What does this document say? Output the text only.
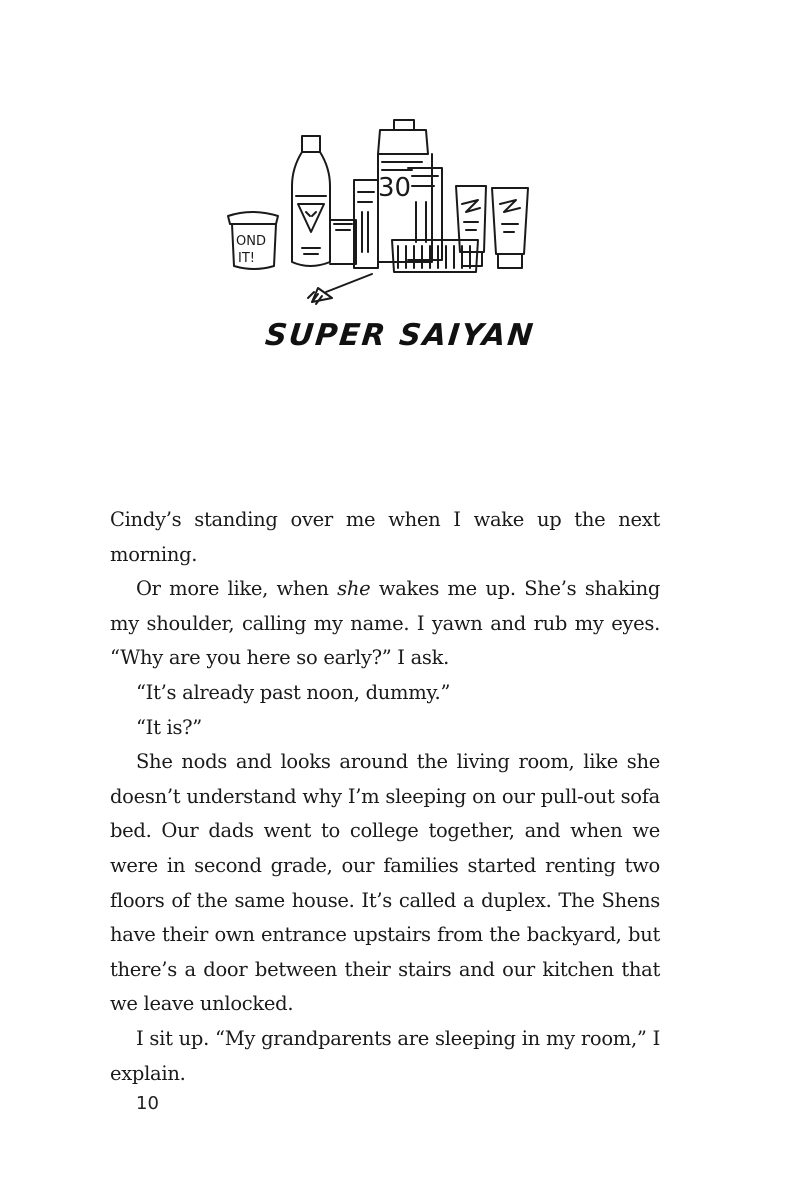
OND
IT!
30
SUPER SAIYAN

Cindy’s standing over me when I wake up the next morning.

Or more like, when she wakes me up. She’s shaking my shoulder, calling my name. I yawn and rub my eyes. “Why are you here so early?” I ask.

“It’s already past noon, dummy.”

“It is?”

She nods and looks around the living room, like she doesn’t understand why I’m sleeping on our pull-out sofa bed. Our dads went to college together, and when we were in second grade, our families started renting two floors of the same house. It’s called a duplex. The Shens have their own entrance upstairs from the backyard, but there’s a door between their stairs and our kitchen that we leave unlocked.

I sit up. “My grandparents are sleeping in my room,” I explain.

10
